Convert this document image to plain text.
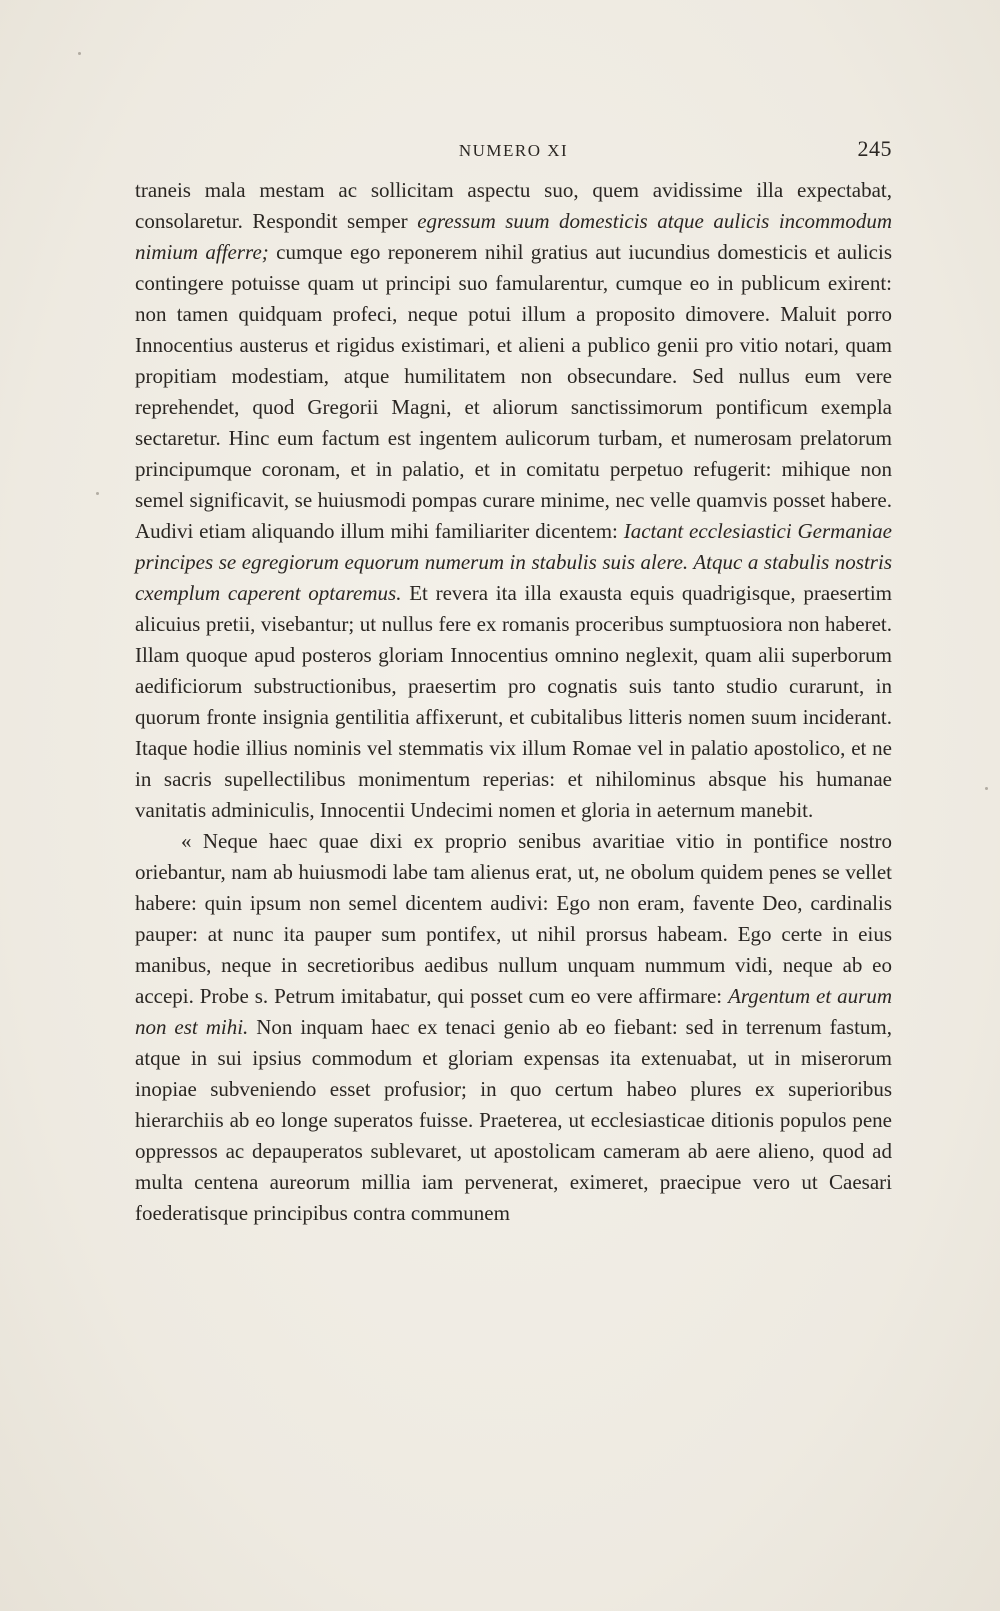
NUMERO XI	245

traneis mala mestam ac sollicitam aspectu suo, quem avidissime illa expectabat, consolaretur. Respondit semper egressum suum domesticis atque aulicis incommodum nimium afferre; cumque ego reponerem nihil gratius aut iucundius domesticis et aulicis contingere potuisse quam ut principi suo famularentur, cumque eo in publicum exirent: non tamen quidquam profeci, neque potui illum a proposito dimovere. Maluit porro Innocentius austerus et rigidus existimari, et alieni a publico genii pro vitio notari, quam propitiam modestiam, atque humilitatem non obsecundare. Sed nullus eum vere reprehendet, quod Gregorii Magni, et aliorum sanctissimorum pontificum exempla sectaretur. Hinc eum factum est ingentem aulicorum turbam, et numerosam prelatorum principumque coronam, et in palatio, et in comitatu perpetuo refugerit: mihique non semel significavit, se huiusmodi pompas curare minime, nec velle quamvis posset habere. Audivi etiam aliquando illum mihi familiariter dicentem: Iactant ecclesiastici Germaniae principes se egregiorum equorum numerum in stabulis suis alere. Atquc a stabulis nostris cxemplum caperent optaremus. Et revera ita illa exausta equis quadrigisque, praesertim alicuius pretii, visebantur; ut nullus fere ex romanis proceribus sumptuosiora non haberet. Illam quoque apud posteros gloriam Innocentius omnino neglexit, quam alii superborum aedificiorum substructionibus, praesertim pro cognatis suis tanto studio curarunt, in quorum fronte insignia gentilitia affixerunt, et cubitalibus litteris nomen suum inciderant. Itaque hodie illius nominis vel stemmatis vix illum Romae vel in palatio apostolico, et ne in sacris supellectilibus monimentum reperias: et nihilominus absque his humanae vanitatis adminiculis, Innocentii Undecimi nomen et gloria in aeternum manebit.

« Neque haec quae dixi ex proprio senibus avaritiae vitio in pontifice nostro oriebantur, nam ab huiusmodi labe tam alienus erat, ut, ne obolum quidem penes se vellet habere: quin ipsum non semel dicentem audivi: Ego non eram, favente Deo, cardinalis pauper: at nunc ita pauper sum pontifex, ut nihil prorsus habeam. Ego certe in eius manibus, neque in secretioribus aedibus nullum unquam nummum vidi, neque ab eo accepi. Probe s. Petrum imitabatur, qui posset cum eo vere affirmare: Argentum et aurum non est mihi. Non inquam haec ex tenaci genio ab eo fiebant: sed in terrenum fastum, atque in sui ipsius commodum et gloriam expensas ita extenuabat, ut in miserorum inopiae subveniendo esset profusior; in quo certum habeo plures ex superioribus hierarchiis ab eo longe superatos fuisse. Praeterea, ut ecclesiasticae ditionis populos pene oppressos ac depauperatos sublevaret, ut apostolicam cameram ab aere alieno, quod ad multa centena aureorum millia iam pervenerat, eximeret, praecipue vero ut Caesari foederatisque principibus contra communem
